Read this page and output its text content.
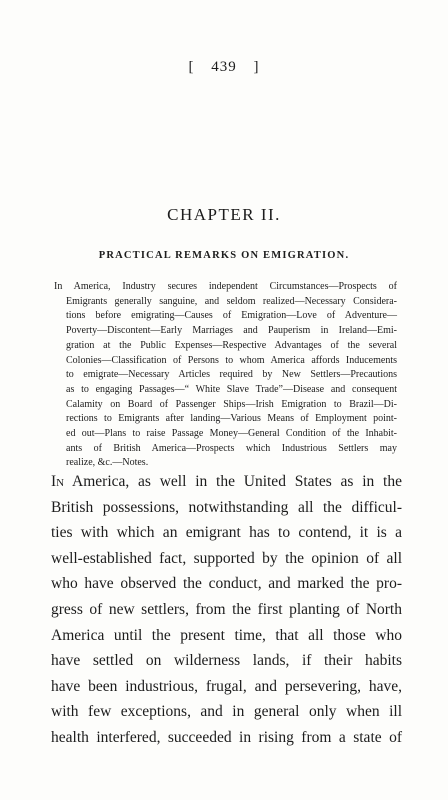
[ 439 ]
CHAPTER II.
PRACTICAL REMARKS ON EMIGRATION.
In America, Industry secures independent Circumstances—Prospects of
Emigrants generally sanguine, and seldom realized—Necessary Considera-
tions before emigrating—Causes of Emigration—Love of Adventure—
Poverty—Discontent—Early Marriages and Pauperism in Ireland—Emi-
gration at the Public Expenses—Respective Advantages of the several
Colonies—Classification of Persons to whom America affords Inducements
to emigrate—Necessary Articles required by New Settlers—Precautions
as to engaging Passages—“ White Slave Trade”—Disease and consequent
Calamity on Board of Passenger Ships—Irish Emigration to Brazil—Di-
rections to Emigrants after landing—Various Means of Employment point-
ed out—Plans to raise Passage Money—General Condition of the Inhabit-
ants of British America—Prospects which Industrious Settlers may
realize, &c.—Notes.
In America, as well in the United States as in the
British possessions, notwithstanding all the difficul-
ties with which an emigrant has to contend, it is a
well-established fact, supported by the opinion of all
who have observed the conduct, and marked the pro-
gress of new settlers, from the first planting of North
America until the present time, that all those who
have settled on wilderness lands, if their habits
have been industrious, frugal, and persevering, have,
with few exceptions, and in general only when ill
health interfered, succeeded in rising from a state of
